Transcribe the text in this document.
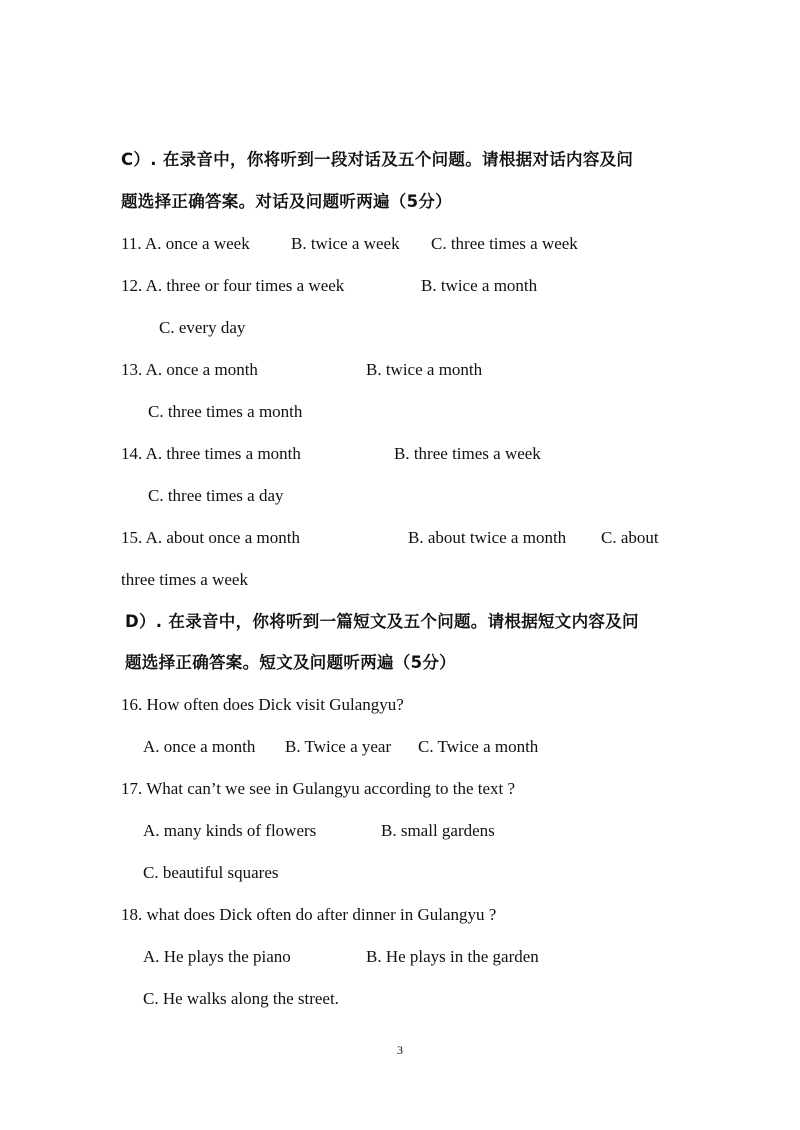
C）. 在录音中，你将听到一段对话及五个问题。请根据对话内容及问
题选择正确答案。对话及问题听两遍（5分）
11. A. once a week B. twice a week C. three times a week
12. A. three or four times a week	B. twice a month
C. every day
13. A. once a month	B. twice a month
C. three times a month
14. A. three times a month	B. three times a week
C. three times a day
15. A. about once a month	B. about twice a month C. about
three times a week
D）. 在录音中，你将听到一篇短文及五个问题。请根据短文内容及问
题选择正确答案。短文及问题听两遍（5分）
16. How often does Dick visit Gulangyu?
A. once a month B. Twice a year C. Twice a month
17. What can’t we see in Gulangyu according to the text ?
A. many kinds of flowers	B. small gardens
C. beautiful squares
18. what does Dick often do after dinner in Gulangyu ?
A. He plays the piano	B. He plays in the garden
C. He walks along the street.
3
